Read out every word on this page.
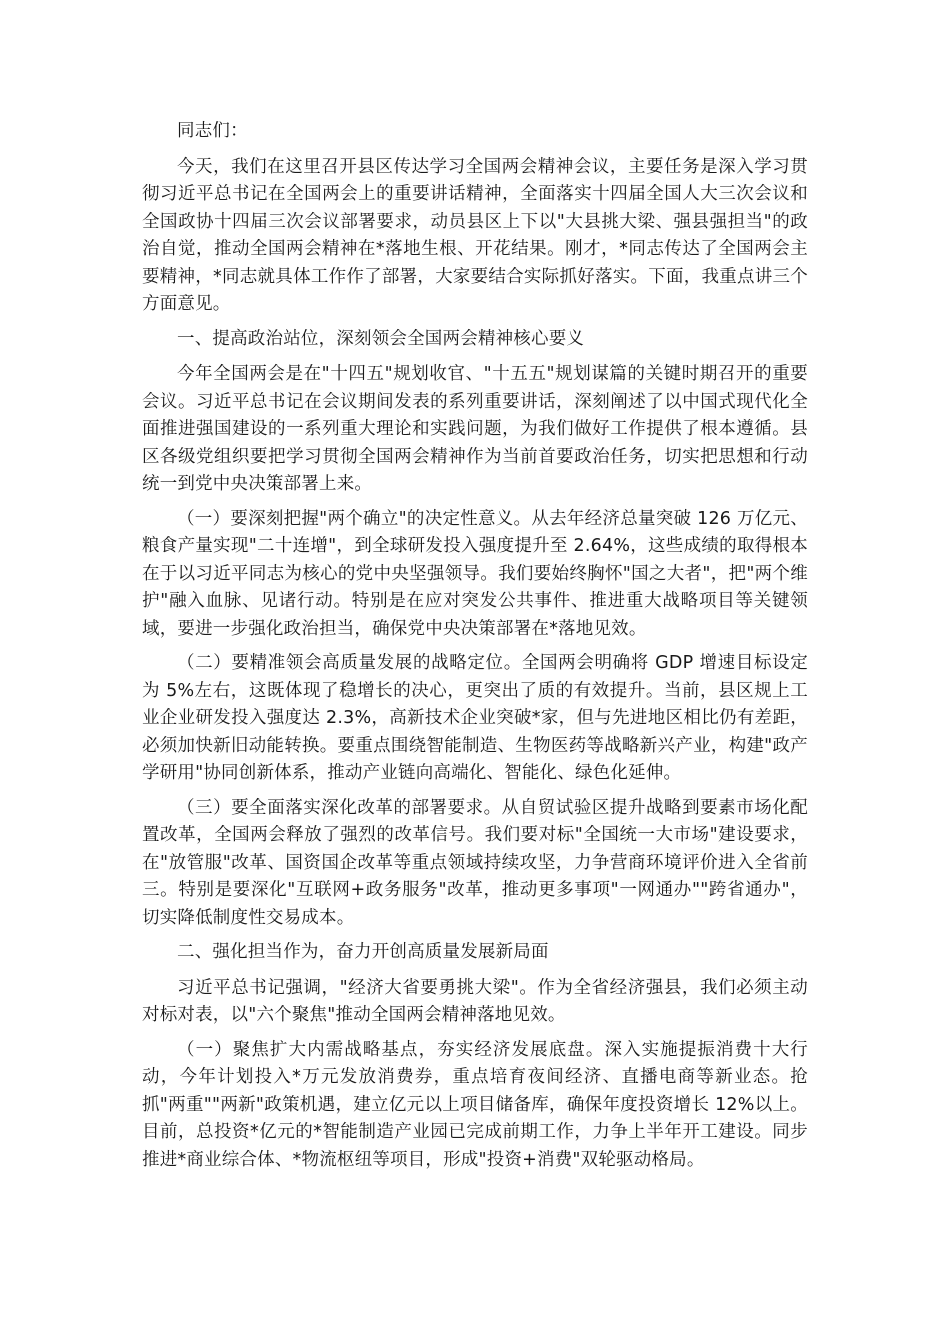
同志们：

今天，我们在这里召开县区传达学习全国两会精神会议，主要任务是深入学习贯彻习近平总书记在全国两会上的重要讲话精神，全面落实十四届全国人大三次会议和全国政协十四届三次会议部署要求，动员县区上下以"大县挑大梁、强县强担当"的政治自觉，推动全国两会精神在*落地生根、开花结果。刚才，*同志传达了全国两会主要精神，*同志就具体工作作了部署，大家要结合实际抓好落实。下面，我重点讲三个方面意见。

一、提高政治站位，深刻领会全国两会精神核心要义

今年全国两会是在"十四五"规划收官、"十五五"规划谋篇的关键时期召开的重要会议。习近平总书记在会议期间发表的系列重要讲话，深刻阐述了以中国式现代化全面推进强国建设的一系列重大理论和实践问题，为我们做好工作提供了根本遵循。县区各级党组织要把学习贯彻全国两会精神作为当前首要政治任务，切实把思想和行动统一到党中央决策部署上来。

（一）要深刻把握"两个确立"的决定性意义。从去年经济总量突破 126 万亿元、粮食产量实现"二十连增"，到全球研发投入强度提升至 2.64%，这些成绩的取得根本在于以习近平同志为核心的党中央坚强领导。我们要始终胸怀"国之大者"，把"两个维护"融入血脉、见诸行动。特别是在应对突发公共事件、推进重大战略项目等关键领域，要进一步强化政治担当，确保党中央决策部署在*落地见效。

（二）要精准领会高质量发展的战略定位。全国两会明确将 GDP 增速目标设定为 5%左右，这既体现了稳增长的决心，更突出了质的有效提升。当前，县区规上工业企业研发投入强度达 2.3%，高新技术企业突破*家，但与先进地区相比仍有差距，必须加快新旧动能转换。要重点围绕智能制造、生物医药等战略新兴产业，构建"政产学研用"协同创新体系，推动产业链向高端化、智能化、绿色化延伸。

（三）要全面落实深化改革的部署要求。从自贸试验区提升战略到要素市场化配置改革，全国两会释放了强烈的改革信号。我们要对标"全国统一大市场"建设要求，在"放管服"改革、国资国企改革等重点领域持续攻坚，力争营商环境评价进入全省前三。特别是要深化"互联网+政务服务"改革，推动更多事项"一网通办""跨省通办"，切实降低制度性交易成本。

二、强化担当作为，奋力开创高质量发展新局面

习近平总书记强调，"经济大省要勇挑大梁"。作为全省经济强县，我们必须主动对标对表，以"六个聚焦"推动全国两会精神落地见效。

（一）聚焦扩大内需战略基点，夯实经济发展底盘。深入实施提振消费十大行动，今年计划投入*万元发放消费券，重点培育夜间经济、直播电商等新业态。抢抓"两重""两新"政策机遇，建立亿元以上项目储备库，确保年度投资增长 12%以上。目前，总投资*亿元的*智能制造产业园已完成前期工作，力争上半年开工建设。同步推进*商业综合体、*物流枢纽等项目，形成"投资+消费"双轮驱动格局。
